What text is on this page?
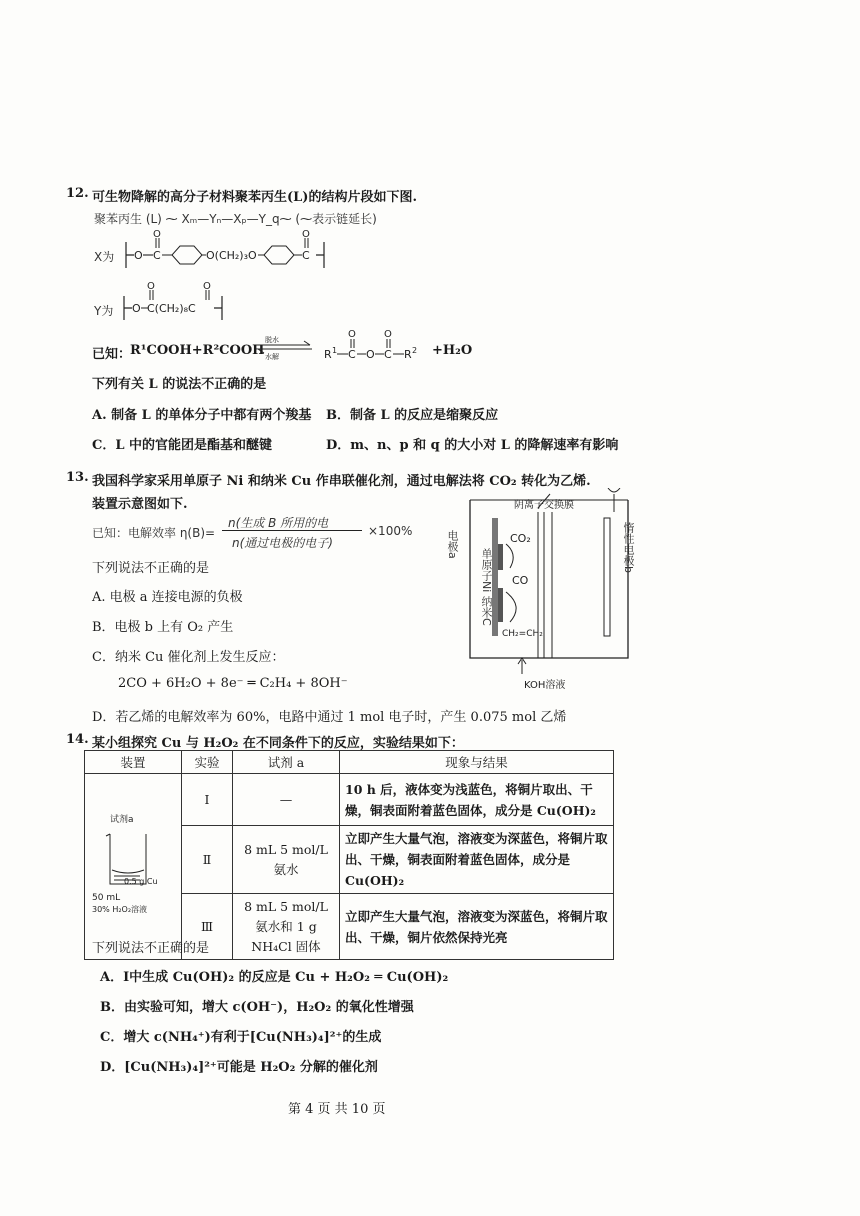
12. 可生物降解的高分子材料聚苯丙生(L)的结构片段如下图.
聚苯丙生 (L) ⁓ Xₘ—Yₙ—Xₚ—Y_q⁓ (⁓表示链延长)
X为 O C
O
O(CH₂)₃O	C
O
Y为 O
O
C(CH₂)₈C
O
已知：
R¹COOH+R²COOH
脱水
水解	R 1 C
O
O C
O
R 2 +H₂O
下列有关 L 的说法不正确的是
A. 制备 L 的单体分子中都有两个羧基 B．制备 L 的反应是缩聚反应
C．L 中的官能团是酯基和醚键	D．m、n、p 和 q 的大小对 L 的降解速率有影响
13. 我国科学家采用单原子 Ni 和纳米 Cu 作串联催化剂，通过电解法将 CO₂ 转化为乙烯.
装置示意图如下.
已知：电解效率 η(B)=
n(生成 B 所用的电
n(通过电极的电子)
×100%
下列说法不正确的是
A. 电极 a 连接电源的负极
B．电极 b 上有 O₂ 产生
C．纳米 Cu 催化剂上发生反应：
2CO + 6H₂O + 8e⁻ ═ C₂H₄ + 8OH⁻
D．若乙烯的电解效率为 60%，电路中通过 1 mol 电子时，产生 0.075 mol 乙烯
阴离子交换膜
CO₂
CO
CH₂=CH₂
KOH溶液
电极a
单原子Ni
纳米C
惰性电极b
14. 某小组探究 Cu 与 H₂O₂ 在不同条件下的反应，实验结果如下：
装置	实验	试剂 a	现象与结果

试剂a
0.5 g Cu
50 mL
30% H₂O₂溶液	Ⅰ	—	10 h 后，液体变为浅蓝色，将铜片取出、干燥，铜表面附着蓝色固体，成分是 Cu(OH)₂
	Ⅱ	8 mL 5 mol/L 氨水	立即产生大量气泡，溶液变为深蓝色，将铜片取出、干燥，铜表面附着蓝色固体，成分是 Cu(OH)₂
	Ⅲ	8 mL 5 mol/L 氨水和 1 g NH₄Cl 固体	立即产生大量气泡，溶液变为深蓝色，将铜片取出、干燥，铜片依然保持光亮
下列说法不正确的是
A．Ⅰ中生成 Cu(OH)₂ 的反应是 Cu + H₂O₂ ═ Cu(OH)₂
B．由实验可知，增大 c(OH⁻)，H₂O₂ 的氧化性增强
C．增大 c(NH₄⁺)有利于[Cu(NH₃)₄]²⁺的生成
D．[Cu(NH₃)₄]²⁺可能是 H₂O₂ 分解的催化剂
第 4 页 共 10 页
